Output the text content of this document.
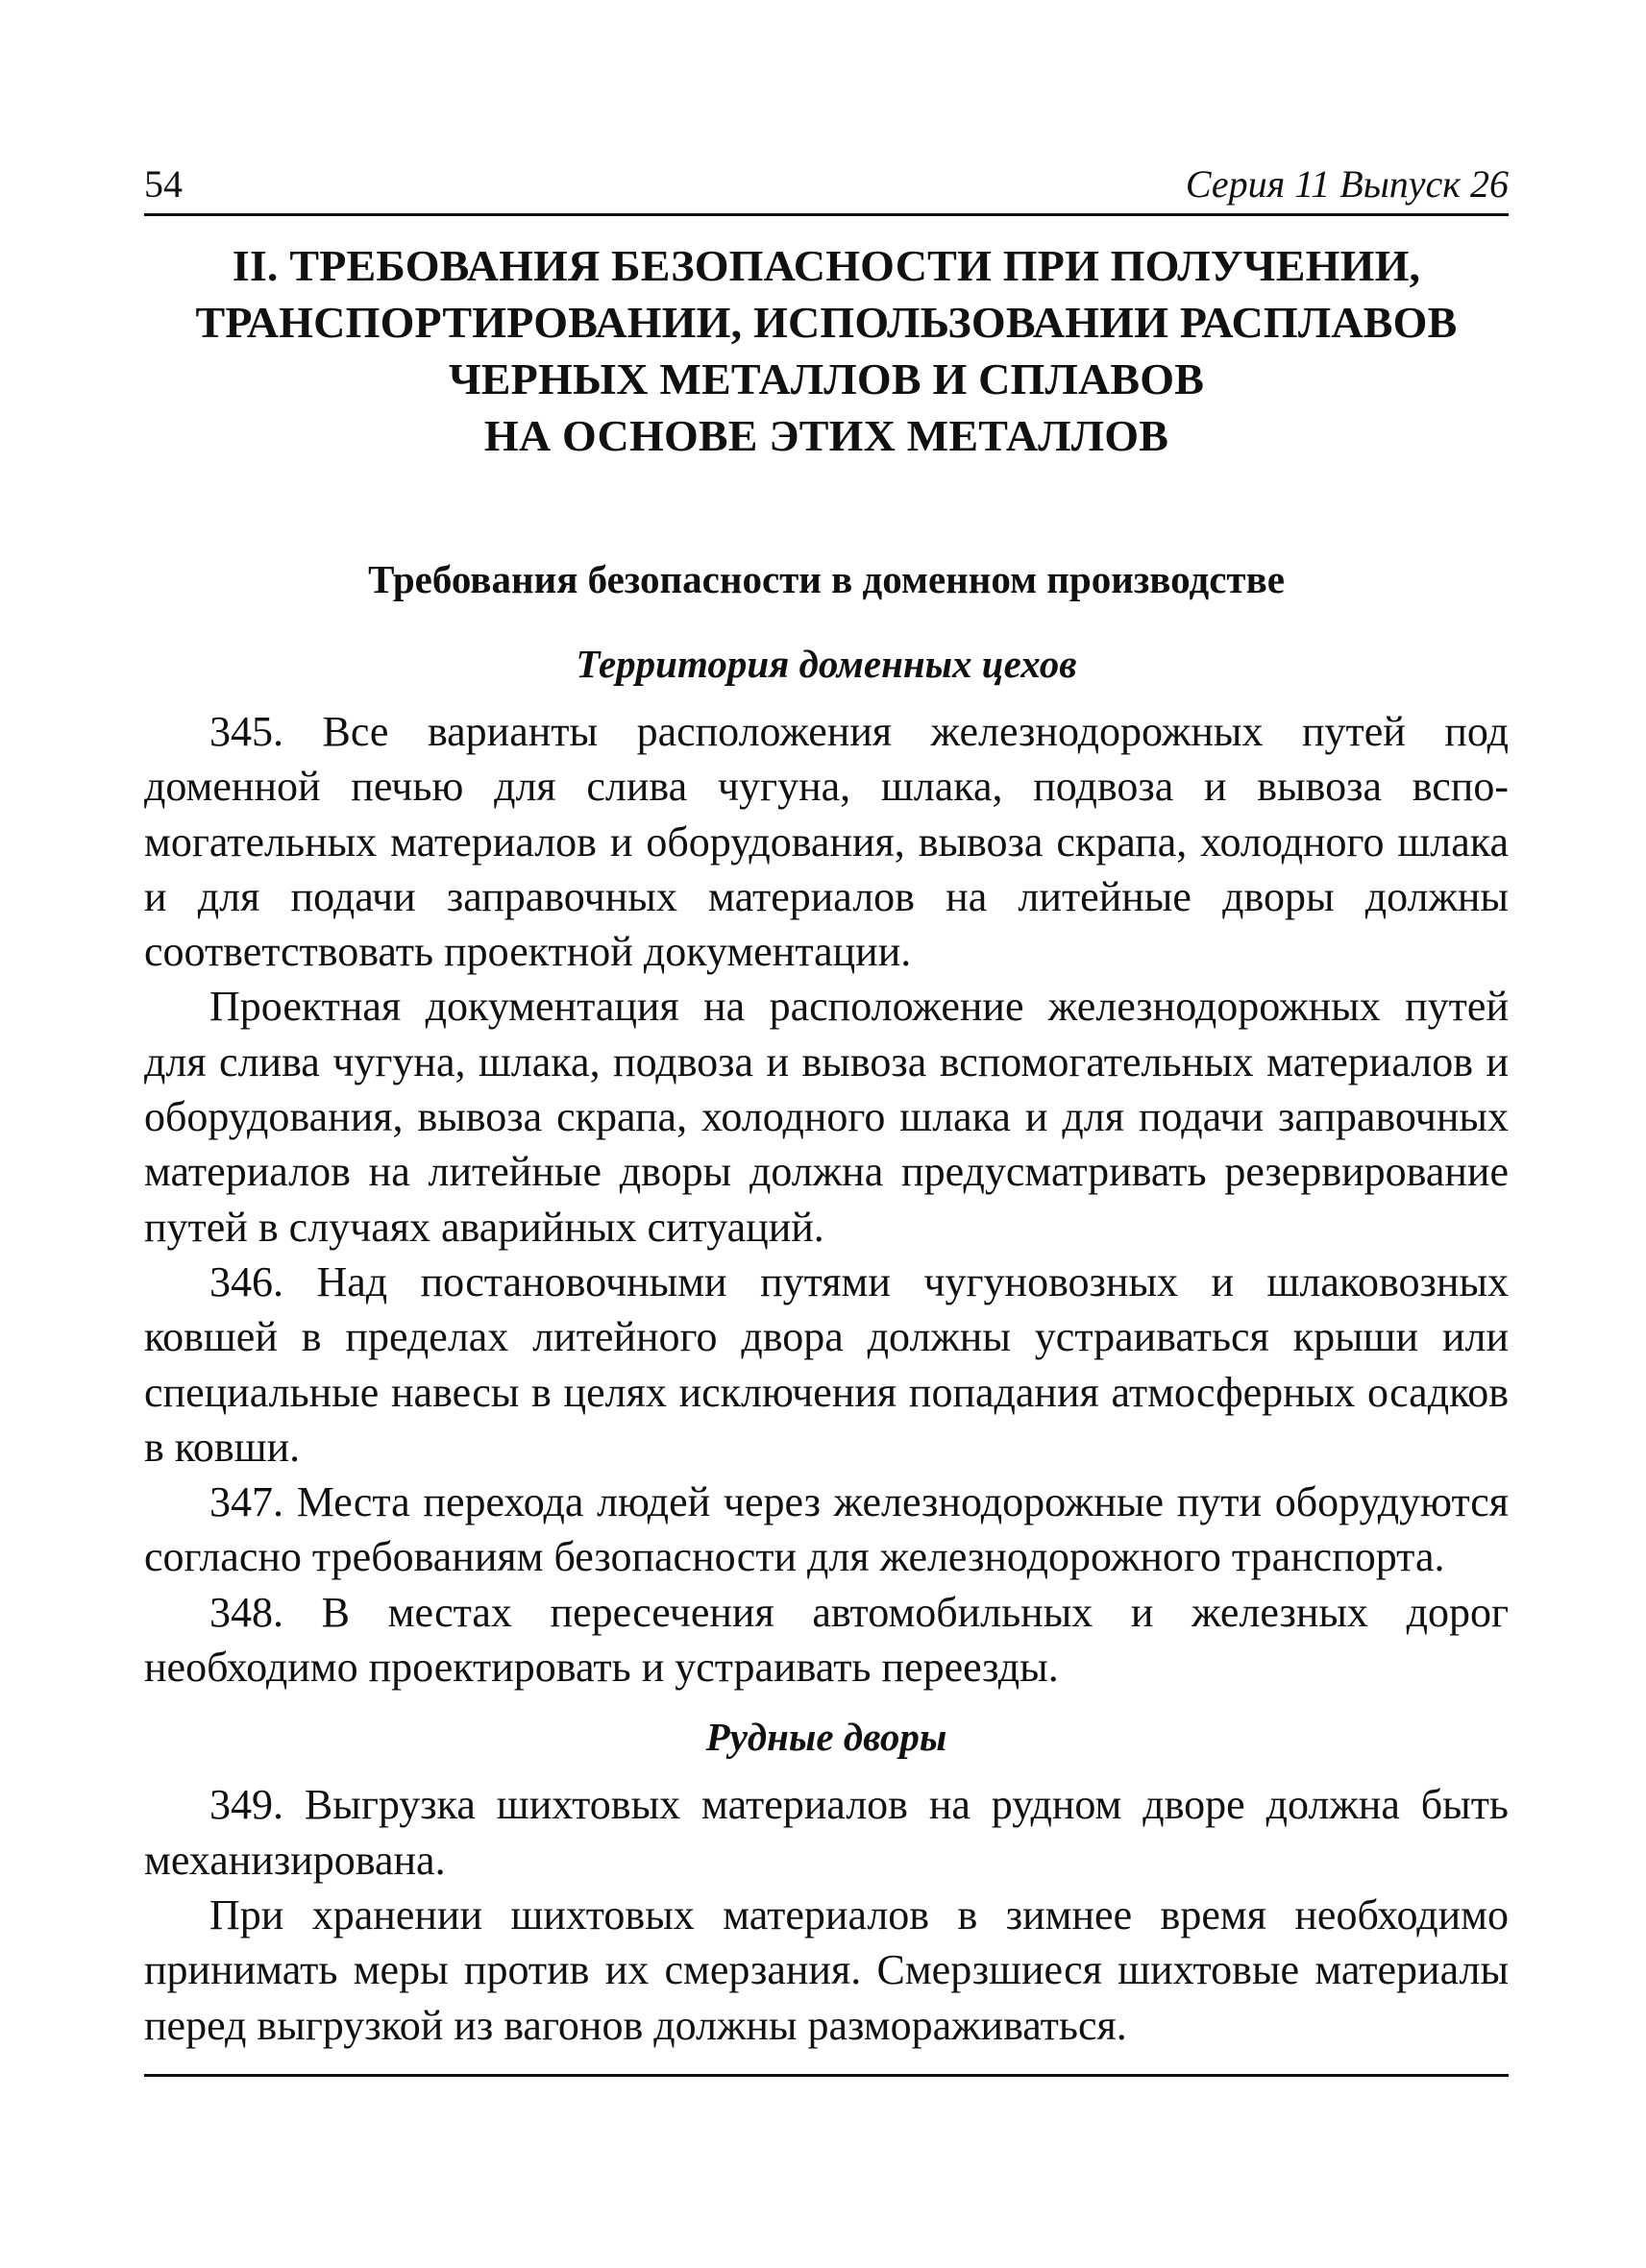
54	Серия 11 Выпуск 26
II. ТРЕБОВАНИЯ БЕЗОПАСНОСТИ ПРИ ПОЛУЧЕНИИ,
ТРАНСПОРТИРОВАНИИ, ИСПОЛЬЗОВАНИИ РАСПЛАВОВ
ЧЕРНЫХ МЕТАЛЛОВ И СПЛАВОВ
НА ОСНОВЕ ЭТИХ МЕТАЛЛОВ
Требования безопасности в доменном производстве
Территория доменных цехов

345. Все варианты расположения железнодорожных путей под доменной печью для слива чугуна, шлака, подвоза и вывоза вспомогательных материалов и оборудования, вывоза скрапа, холодного шлака и для подачи заправочных материалов на литейные дворы должны соответствовать проектной документации.

Проектная документация на расположение железнодорожных путей для слива чугуна, шлака, подвоза и вывоза вспомогательных материалов и оборудования, вывоза скрапа, холодного шлака и для подачи заправочных материалов на литейные дворы должна предусматривать резервирование путей в случаях аварийных ситуаций.

346. Над постановочными путями чугуновозных и шлаковозных ковшей в пределах литейного двора должны устраиваться крыши или специальные навесы в целях исключения попадания атмосферных осадков в ковши.

347. Места перехода людей через железнодорожные пути оборудуются согласно требованиям безопасности для железнодорожного транспорта.

348. В местах пересечения автомобильных и железных дорог необходимо проектировать и устраивать переезды.

Рудные дворы

349. Выгрузка шихтовых материалов на рудном дворе должна быть механизирована.

При хранении шихтовых материалов в зимнее время необходимо принимать меры против их смерзания. Смерзшиеся шихтовые материалы перед выгрузкой из вагонов должны размораживаться.
